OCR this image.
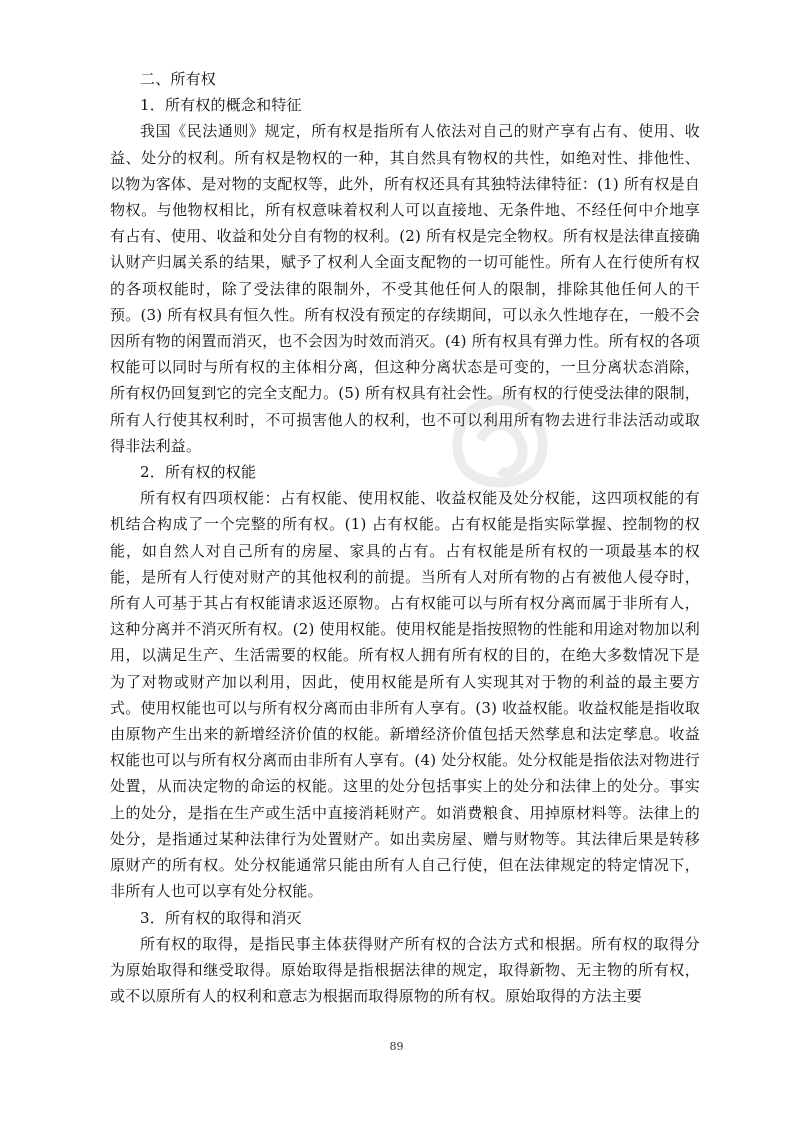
二、所有权

1．所有权的概念和特征

我国《民法通则》规定，所有权是指所有人依法对自己的财产享有占有、使用、收益、处分的权利。所有权是物权的一种，其自然具有物权的共性，如绝对性、排他性、以物为客体、是对物的支配权等，此外，所有权还具有其独特法律特征：(1) 所有权是自物权。与他物权相比，所有权意味着权利人可以直接地、无条件地、不经任何中介地享有占有、使用、收益和处分自有物的权利。(2) 所有权是完全物权。所有权是法律直接确认财产归属关系的结果，赋予了权利人全面支配物的一切可能性。所有人在行使所有权的各项权能时，除了受法律的限制外，不受其他任何人的限制，排除其他任何人的干预。(3) 所有权具有恒久性。所有权没有预定的存续期间，可以永久性地存在，一般不会因所有物的闲置而消灭，也不会因为时效而消灭。(4) 所有权具有弹力性。所有权的各项权能可以同时与所有权的主体相分离，但这种分离状态是可变的，一旦分离状态消除，所有权仍回复到它的完全支配力。(5) 所有权具有社会性。所有权的行使受法律的限制，所有人行使其权利时，不可损害他人的权利，也不可以利用所有物去进行非法活动或取得非法利益。

2．所有权的权能

所有权有四项权能：占有权能、使用权能、收益权能及处分权能，这四项权能的有机结合构成了一个完整的所有权。(1) 占有权能。占有权能是指实际掌握、控制物的权能，如自然人对自己所有的房屋、家具的占有。占有权能是所有权的一项最基本的权能，是所有人行使对财产的其他权利的前提。当所有人对所有物的占有被他人侵夺时，所有人可基于其占有权能请求返还原物。占有权能可以与所有权分离而属于非所有人，这种分离并不消灭所有权。(2) 使用权能。使用权能是指按照物的性能和用途对物加以利用，以满足生产、生活需要的权能。所有权人拥有所有权的目的，在绝大多数情况下是为了对物或财产加以利用，因此，使用权能是所有人实现其对于物的利益的最主要方式。使用权能也可以与所有权分离而由非所有人享有。(3) 收益权能。收益权能是指收取由原物产生出来的新增经济价值的权能。新增经济价值包括天然孳息和法定孳息。收益权能也可以与所有权分离而由非所有人享有。(4) 处分权能。处分权能是指依法对物进行处置，从而决定物的命运的权能。这里的处分包括事实上的处分和法律上的处分。事实上的处分，是指在生产或生活中直接消耗财产。如消费粮食、用掉原材料等。法律上的处分，是指通过某种法律行为处置财产。如出卖房屋、赠与财物等。其法律后果是转移原财产的所有权。处分权能通常只能由所有人自己行使，但在法律规定的特定情况下，非所有人也可以享有处分权能。

3．所有权的取得和消灭

所有权的取得，是指民事主体获得财产所有权的合法方式和根据。所有权的取得分为原始取得和继受取得。原始取得是指根据法律的规定，取得新物、无主物的所有权，或不以原所有人的权利和意志为根据而取得原物的所有权。原始取得的方法主要

89
